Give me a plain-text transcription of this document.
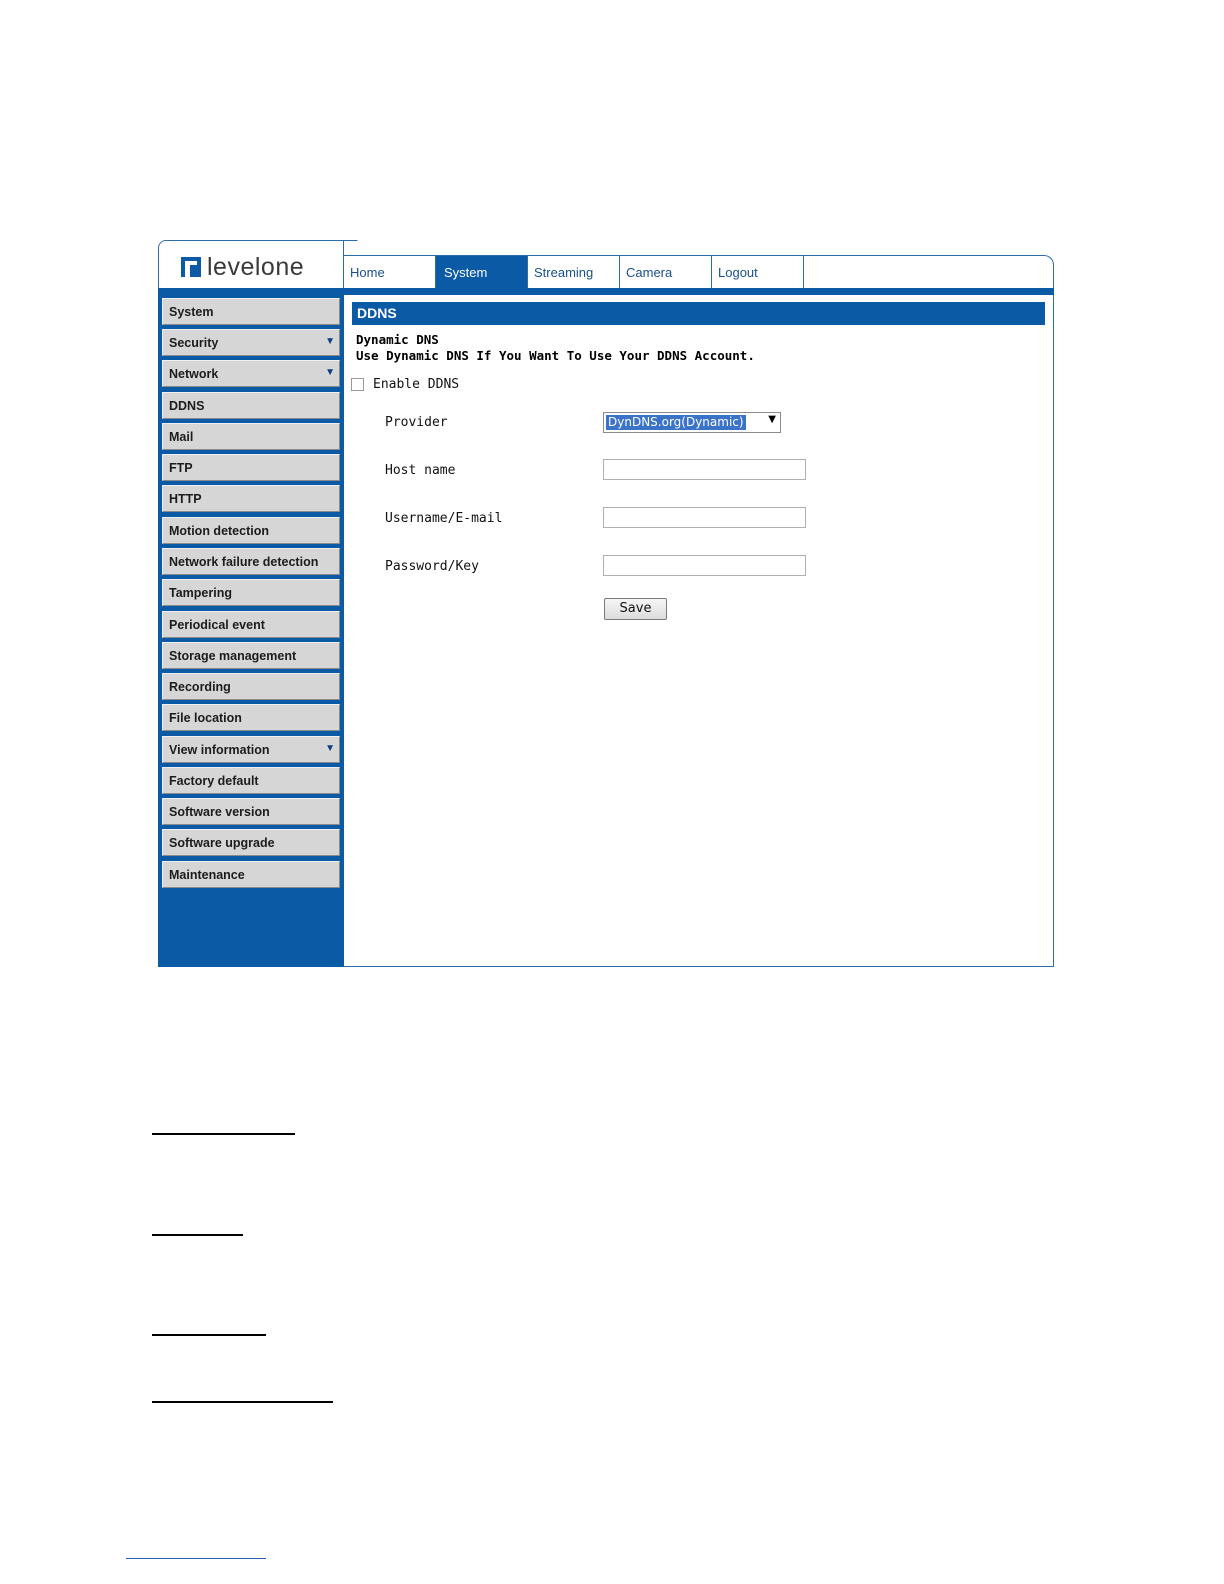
levelone	Home	System	Streaming	Camera	Logout
System
Security	▼
Network	▼
DDNS
Mail
FTP
HTTP
Motion detection
Network failure detection
Tampering
Periodical event
Storage management
Recording
File location
View information	▼
Factory default
Software version
Software upgrade
Maintenance
DDNS
Dynamic DNS
Use Dynamic DNS If You Want To Use Your DDNS Account.
Enable DDNS
Provider	DynDNS.org(Dynamic) ▼
Host name
Username/E-mail
Password/Key
Save
